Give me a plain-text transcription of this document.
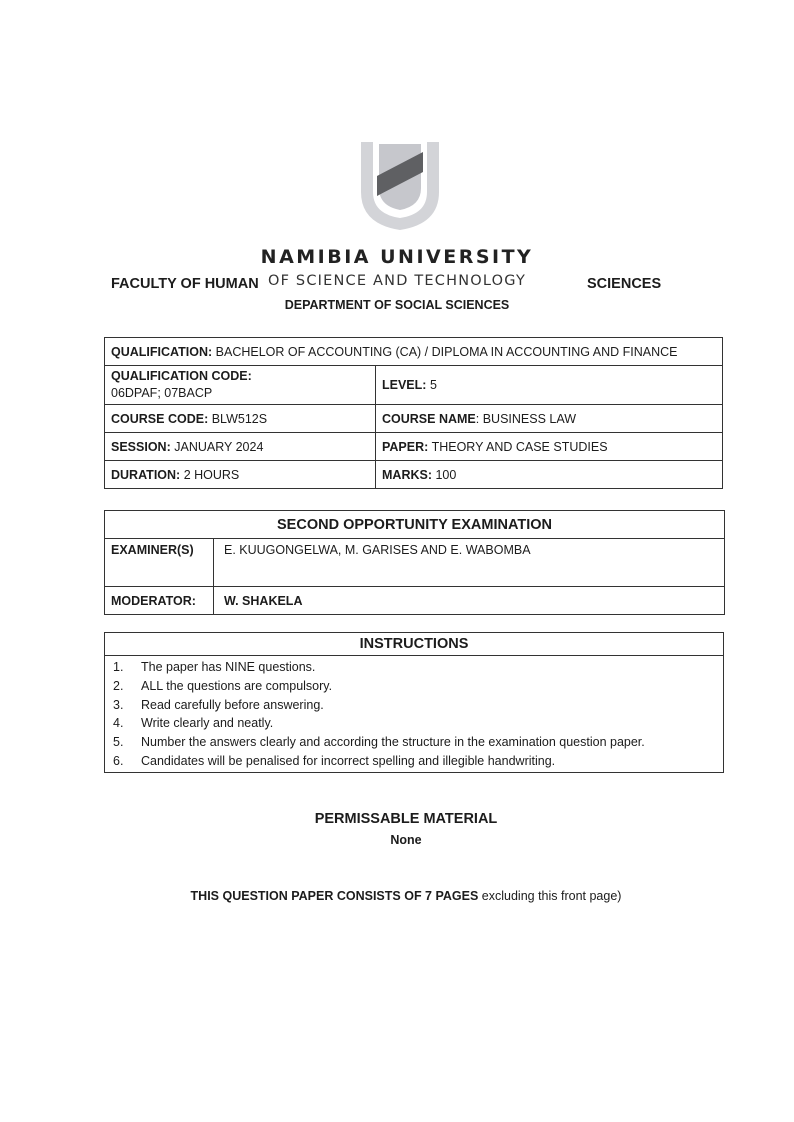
NAMIBIA UNIVERSITY
OF SCIENCE AND TECHNOLOGY
FACULTY OF HUMAN	SCIENCES
DEPARTMENT OF SOCIAL SCIENCES
QUALIFICATION: BACHELOR OF ACCOUNTING (CA) / DIPLOMA IN ACCOUNTING AND FINANCE	

QUALIFICATION CODE:
06DPAF; 07BACP	LEVEL: 5
COURSE CODE: BLW512S	COURSE NAME: BUSINESS LAW
SESSION: JANUARY 2024	PAPER: THEORY AND CASE STUDIES
DURATION: 2 HOURS	MARKS: 100
SECOND OPPORTUNITY EXAMINATION	
EXAMINER(S)	E. KUUGONGELWA, M. GARISES AND E. WABOMBA
MODERATOR:	W. SHAKELA
INSTRUCTIONS
1.	The paper has NINE questions.
2.	ALL the questions are compulsory.
3.	Read carefully before answering.
4.	Write clearly and neatly.
5.	Number the answers clearly and according the structure in the examination question paper.
6.	Candidates will be penalised for incorrect spelling and illegible handwriting.
PERMISSABLE MATERIAL
None
THIS QUESTION PAPER CONSISTS OF 7 PAGES excluding this front page)
